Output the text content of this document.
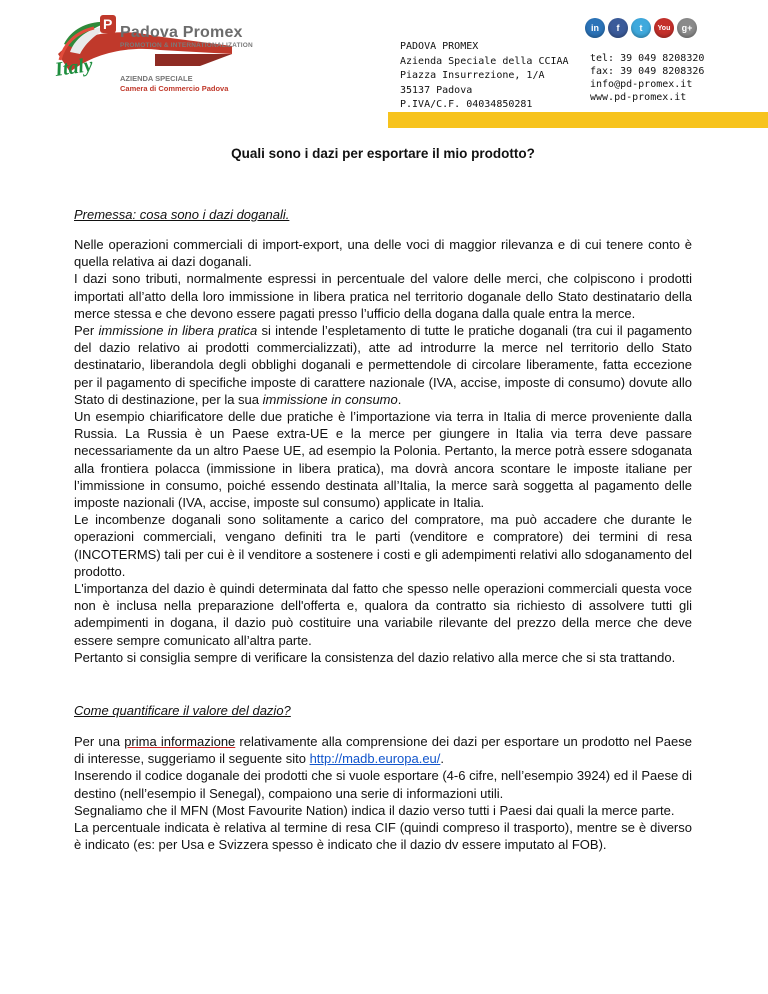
Italy
P Padova Promex
PROMOTION & INTERNATIONALIZATION
AZIENDA SPECIALE
Camera di Commercio Padova
PADOVA PROMEX
Azienda Speciale della CCIAA
Piazza Insurrezione, 1/A
35137 Padova
P.IVA/C.F. 04034850281
in	f	t	You	g+
tel: 39 049 8208320
fax: 39 049 8208326
info@pd-promex.it
www.pd-promex.it
Quali sono i dazi per esportare il mio prodotto?
Premessa: cosa sono i dazi doganali.

Nelle operazioni commerciali di import-export, una delle voci di maggior rilevanza e di cui tenere conto è quella relativa ai dazi doganali.

I dazi sono tributi, normalmente espressi in percentuale del valore delle merci, che colpiscono i prodotti importati all’atto della loro immissione in libera pratica nel territorio doganale dello Stato destinatario della merce stessa e che devono essere pagati presso l’ufficio della dogana dalla quale entra la merce.

Per immissione in libera pratica si intende l’espletamento di tutte le pratiche doganali (tra cui il pagamento del dazio relativo ai prodotti commercializzati), atte ad introdurre la merce nel territorio dello Stato destinatario, liberandola degli obblighi doganali e permettendole di circolare liberamente, fatta eccezione per il pagamento di specifiche imposte di carattere nazionale (IVA, accise, imposte di consumo) dovute allo Stato di destinazione, per la sua immissione in consumo.

Un esempio chiarificatore delle due pratiche è l’importazione via terra in Italia di merce proveniente dalla Russia. La Russia è un Paese extra-UE e la merce per giungere in Italia via terra deve passare necessariamente da un altro Paese UE, ad esempio la Polonia. Pertanto, la merce potrà essere sdoganata alla frontiera polacca (immissione in libera pratica), ma dovrà ancora scontare le imposte italiane per l’immissione in consumo, poiché essendo destinata all’Italia, la merce sarà soggetta al pagamento delle imposte nazionali (IVA, accise, imposte sul consumo) applicate in Italia.

Le incombenze doganali sono solitamente a carico del compratore, ma può accadere che durante le operazioni commerciali, vengano definiti tra le parti (venditore e compratore) dei termini di resa (INCOTERMS) tali per cui è il venditore a sostenere i costi e gli adempimenti relativi allo sdoganamento del prodotto.

L'importanza del dazio è quindi determinata dal fatto che spesso nelle operazioni commerciali questa voce non è inclusa nella preparazione dell'offerta e, qualora da contratto sia richiesto di assolvere tutti gli adempimenti in dogana, il dazio può costituire una variabile rilevante del prezzo della merce che deve essere sempre comunicato all’altra parte.

Pertanto si consiglia sempre di verificare la consistenza del dazio relativo alla merce che si sta trattando.

Come quantificare il valore del dazio?

Per una prima informazione relativamente alla comprensione dei dazi per esportare un prodotto nel Paese di interesse, suggeriamo il seguente sito http://madb.europa.eu/.

Inserendo il codice doganale dei prodotti che si vuole esportare (4-6 cifre, nell’esempio 3924) ed il Paese di destino (nell’esempio il Senegal), compaiono una serie di informazioni utili.

Segnaliamo che il MFN (Most Favourite Nation) indica il dazio verso tutti i Paesi dai quali la merce parte.

La percentuale indicata è relativa al termine di resa CIF (quindi compreso il trasporto), mentre se è diverso è indicato (es: per Usa e Svizzera spesso è indicato che il dazio dv essere imputato al FOB).
